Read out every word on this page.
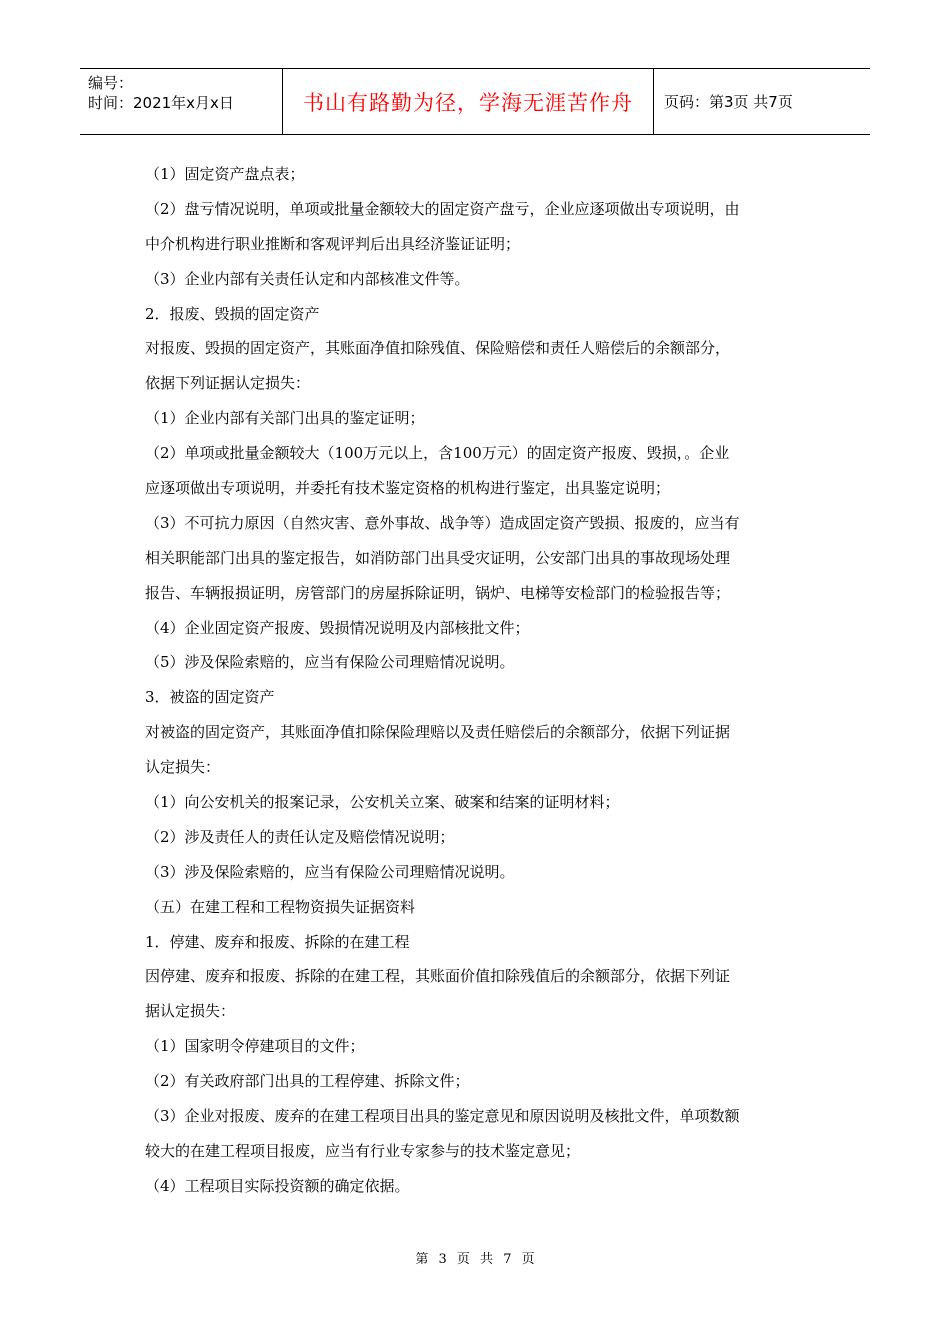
编号：
时间：2021年x月x日	书山有路勤为径，学海无涯苦作舟 页码：第3页 共7页

（1）固定资产盘点表；

（2）盘亏情况说明，单项或批量金额较大的固定资产盘亏，企业应逐项做出专项说明，由

中介机构进行职业推断和客观评判后出具经济鉴证证明；

（3）企业内部有关责任认定和内部核准文件等。

2．报废、毁损的固定资产

对报废、毁损的固定资产，其账面净值扣除残值、保险赔偿和责任人赔偿后的余额部分，

依据下列证据认定损失：

（1）企业内部有关部门出具的鉴定证明；

（2）单项或批量金额较大（100万元以上，含100万元）的固定资产报废、毁损，。企业

应逐项做出专项说明，并委托有技术鉴定资格的机构进行鉴定，出具鉴定说明；

（3）不可抗力原因（自然灾害、意外事故、战争等）造成固定资产毁损、报废的，应当有

相关职能部门出具的鉴定报告，如消防部门出具受灾证明，公安部门出具的事故现场处理

报告、车辆报损证明，房管部门的房屋拆除证明，锅炉、电梯等安检部门的检验报告等；

（4）企业固定资产报废、毁损情况说明及内部核批文件；

（5）涉及保险索赔的，应当有保险公司理赔情况说明。

3．被盗的固定资产

对被盗的固定资产，其账面净值扣除保险理赔以及责任赔偿后的余额部分，依据下列证据

认定损失：

（1）向公安机关的报案记录，公安机关立案、破案和结案的证明材料；

（2）涉及责任人的责任认定及赔偿情况说明；

（3）涉及保险索赔的，应当有保险公司理赔情况说明。

（五）在建工程和工程物资损失证据资料

1．停建、废弃和报废、拆除的在建工程

因停建、废弃和报废、拆除的在建工程，其账面价值扣除残值后的余额部分，依据下列证

据认定损失：

（1）国家明令停建项目的文件；

（2）有关政府部门出具的工程停建、拆除文件；

（3）企业对报废、废弃的在建工程项目出具的鉴定意见和原因说明及核批文件，单项数额

较大的在建工程项目报废，应当有行业专家参与的技术鉴定意见；

（4）工程项目实际投资额的确定依据。

第 3 页 共 7 页
